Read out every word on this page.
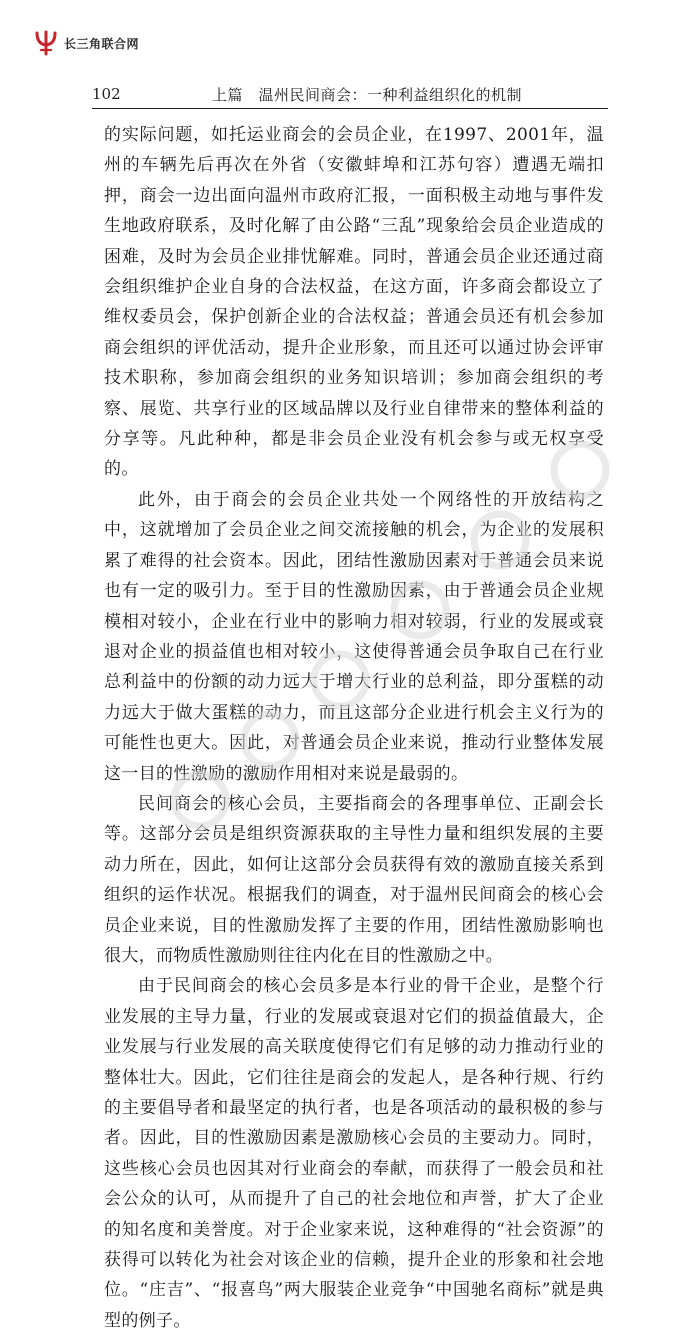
长三角联合网
102	上篇　温州民间商会：一种利益组织化的机制

的实际问题，如托运业商会的会员企业，在1997、2001年，温州的车辆先后再次在外省（安徽蚌埠和江苏句容）遭遇无端扣押，商会一边出面向温州市政府汇报，一面积极主动地与事件发生地政府联系，及时化解了由公路“三乱”现象给会员企业造成的困难，及时为会员企业排忧解难。同时，普通会员企业还通过商会组织维护企业自身的合法权益，在这方面，许多商会都设立了维权委员会，保护创新企业的合法权益；普通会员还有机会参加商会组织的评优活动，提升企业形象，而且还可以通过协会评审技术职称，参加商会组织的业务知识培训；参加商会组织的考察、展览、共享行业的区域品牌以及行业自律带来的整体利益的分享等。凡此种种，都是非会员企业没有机会参与或无权享受的。

此外，由于商会的会员企业共处一个网络性的开放结构之中，这就增加了会员企业之间交流接触的机会，为企业的发展积累了难得的社会资本。因此，团结性激励因素对于普通会员来说也有一定的吸引力。至于目的性激励因素，由于普通会员企业规模相对较小，企业在行业中的影响力相对较弱，行业的发展或衰退对企业的损益值也相对较小，这使得普通会员争取自己在行业总利益中的份额的动力远大于增大行业的总利益，即分蛋糕的动力远大于做大蛋糕的动力，而且这部分企业进行机会主义行为的可能性也更大。因此，对普通会员企业来说，推动行业整体发展这一目的性激励的激励作用相对来说是最弱的。

民间商会的核心会员，主要指商会的各理事单位、正副会长等。这部分会员是组织资源获取的主导性力量和组织发展的主要动力所在，因此，如何让这部分会员获得有效的激励直接关系到组织的运作状况。根据我们的调查，对于温州民间商会的核心会员企业来说，目的性激励发挥了主要的作用，团结性激励影响也很大，而物质性激励则往往内化在目的性激励之中。

由于民间商会的核心会员多是本行业的骨干企业，是整个行业发展的主导力量，行业的发展或衰退对它们的损益值最大，企业发展与行业发展的高关联度使得它们有足够的动力推动行业的整体壮大。因此，它们往往是商会的发起人，是各种行规、行约的主要倡导者和最坚定的执行者，也是各项活动的最积极的参与者。因此，目的性激励因素是激励核心会员的主要动力。同时，这些核心会员也因其对行业商会的奉献，而获得了一般会员和社会公众的认可，从而提升了自己的社会地位和声誉，扩大了企业的知名度和美誉度。对于企业家来说，这种难得的“社会资源”的获得可以转化为社会对该企业的信赖，提升企业的形象和社会地位。“庄吉”、“报喜鸟”两大服装企业竞争“中国驰名商标”就是典型的例子。
